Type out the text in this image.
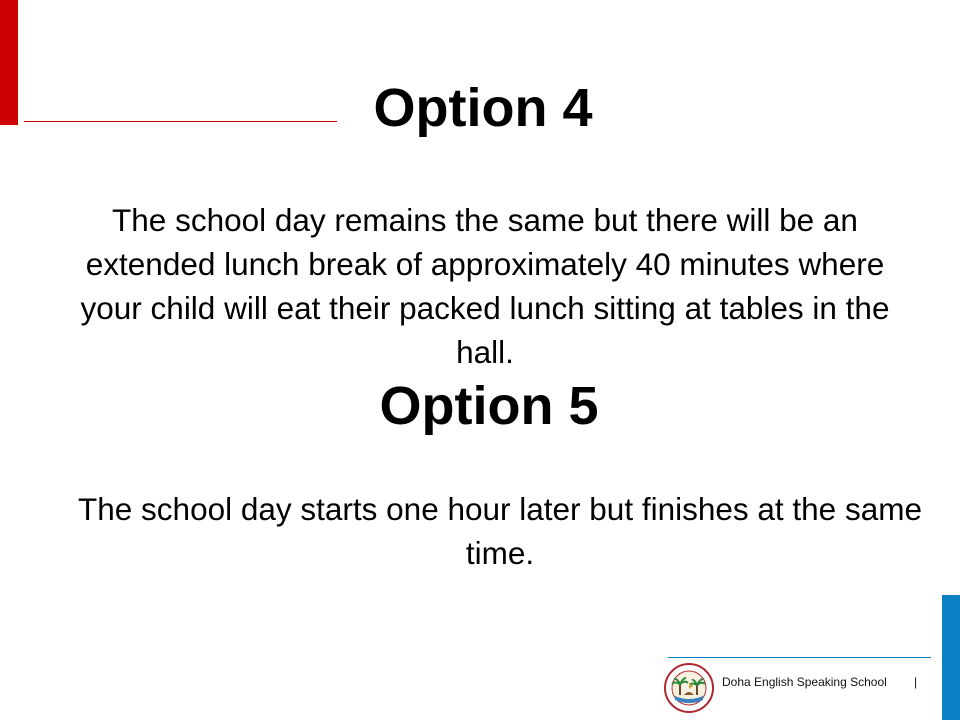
Option 4

The school day remains the same but there will be an extended lunch break of approximately 40 minutes where your child will eat their packed lunch sitting at tables in the hall.

Option 5

The school day starts one hour later but finishes at the same time.

Doha English Speaking School |
